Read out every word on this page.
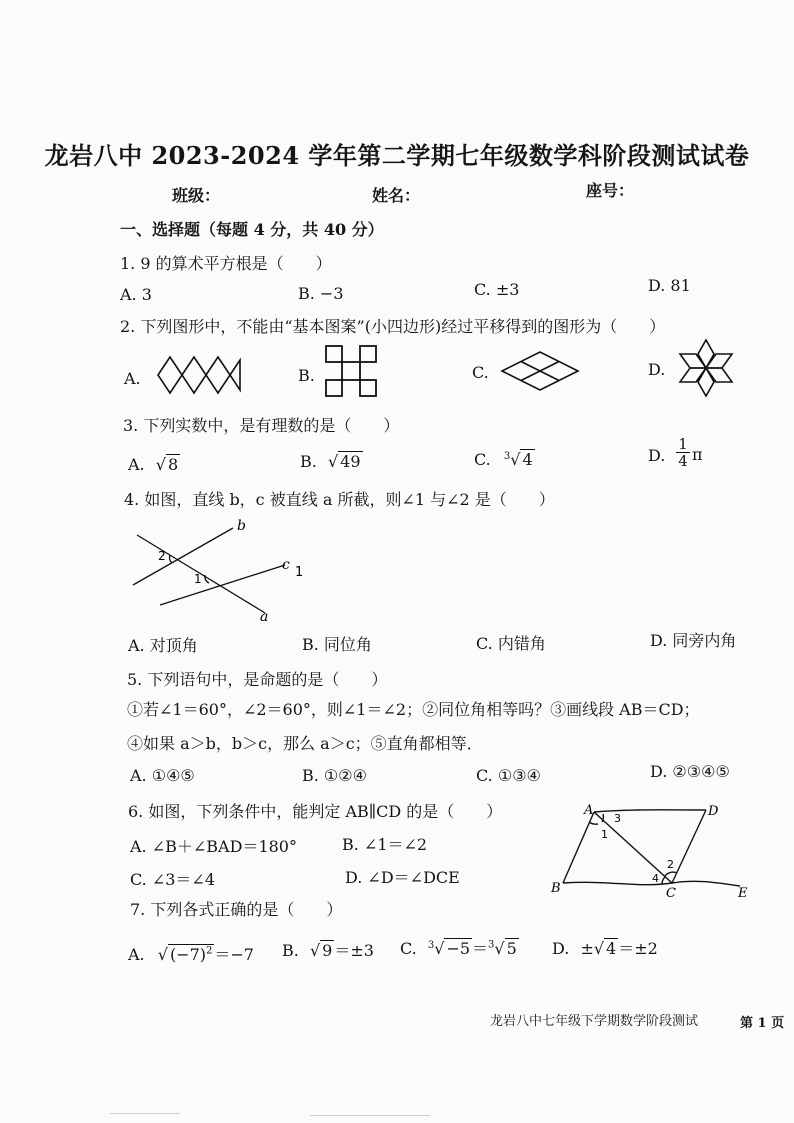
龙岩八中 2023-2024 学年第二学期七年级数学科阶段测试试卷
班级：	姓名：	座号：
一、选择题（每题 4 分，共 40 分）
1. 9 的算术平方根是（　　）
A. 3	B. −3	C. ±3	D. 81
2. 下列图形中，不能由“基本图案”(小四边形)经过平移得到的图形为（　　）
A.	B.	C.	D.
3. 下列实数中，是有理数的是（　　）
A. √ 8	B. √ 49	C. $^3$√ 4	D. $\frac{1}{4}$ π
4. 如图，直线 b，c 被直线 a 所截，则∠1 与∠2 是（　　）
b
c
a
2
1	1
A. 对顶角	B. 同位角	C. 内错角	D. 同旁内角
5. 下列语句中，是命题的是（　　）
①若∠1＝60°，∠2＝60°，则∠1＝∠2；②同位角相等吗？③画线段 AB＝CD；
④如果 a＞b，b＞c，那么 a＞c；⑤直角都相等．
A. ①④⑤	B. ①②④	C. ①③④	D. ②③④⑤
6. 如图，下列条件中，能判定 AB∥CD 的是（　　）
A. ∠B＋∠BAD＝180°	B. ∠1＝∠2
C. ∠3＝∠4	D. ∠D＝∠DCE
A	D
B	C	E
3
1
2
4
7. 下列各式正确的是（　　）
A. √ $(-7)^2 =-7$ B. √ 9 ＝±3 C. $^3$√ −5 ＝$^3$√ 5 D. ±√ 4 ＝±2
龙岩八中七年级下学期数学阶段测试	第 1 页
